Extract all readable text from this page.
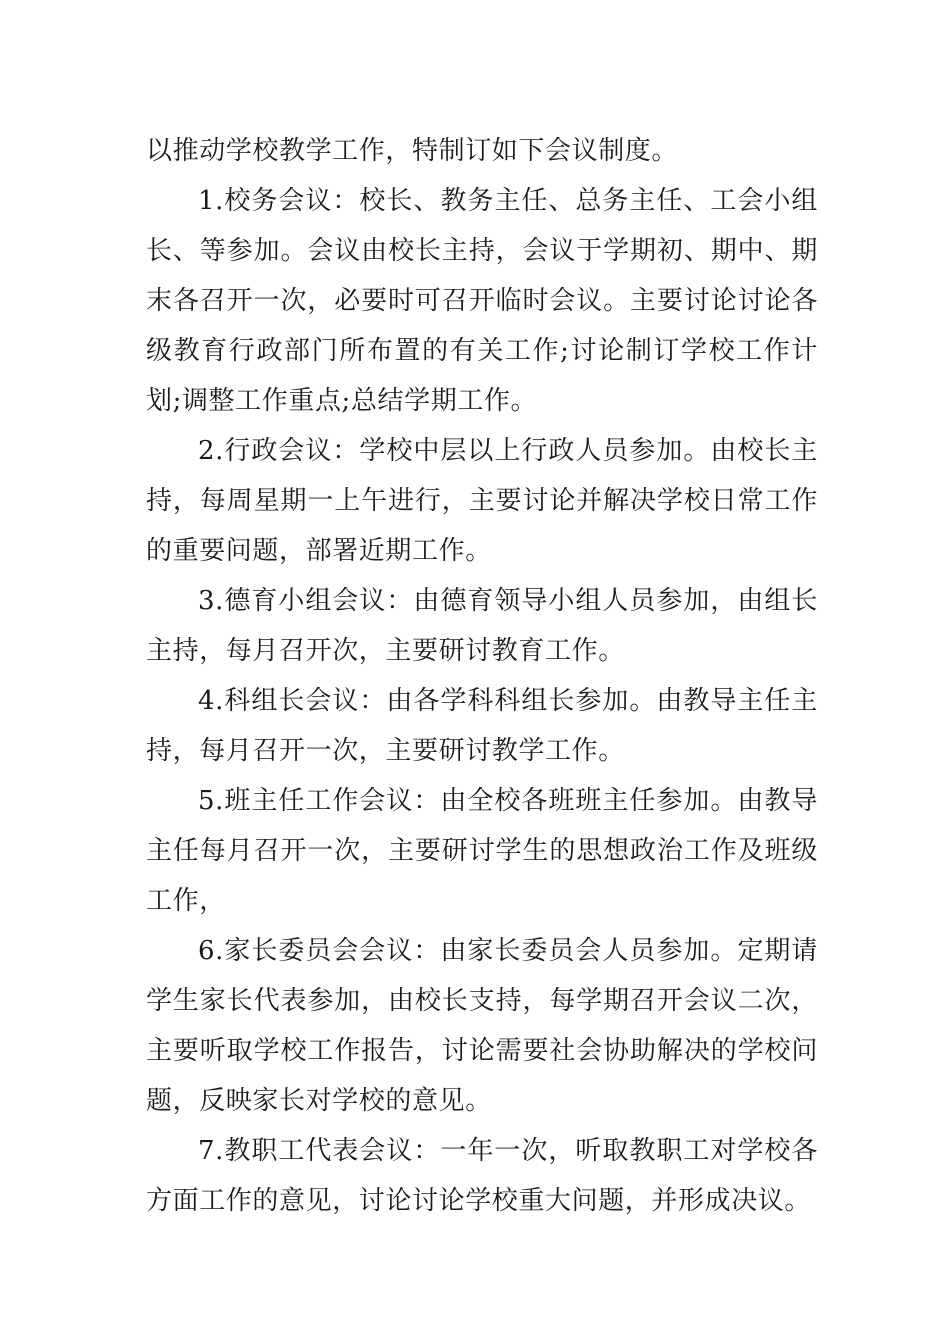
以推动学校教学工作，特制订如下会议制度。

1.校务会议：校长、教务主任、总务主任、工会小组长、等参加。会议由校长主持，会议于学期初、期中、期末各召开一次，必要时可召开临时会议。主要讨论讨论各级教育行政部门所布置的有关工作;讨论制订学校工作计划;调整工作重点;总结学期工作。

2.行政会议：学校中层以上行政人员参加。由校长主持，每周星期一上午进行，主要讨论并解决学校日常工作的重要问题，部署近期工作。

3.德育小组会议：由德育领导小组人员参加，由组长主持，每月召开次，主要研讨教育工作。

4.科组长会议：由各学科科组长参加。由教导主任主持，每月召开一次，主要研讨教学工作。

5.班主任工作会议：由全校各班班主任参加。由教导主任每月召开一次，主要研讨学生的思想政治工作及班级工作，

6.家长委员会会议：由家长委员会人员参加。定期请学生家长代表参加，由校长支持，每学期召开会议二次，主要听取学校工作报告，讨论需要社会协助解决的学校问题，反映家长对学校的意见。

7.教职工代表会议：一年一次，听取教职工对学校各方面工作的意见，讨论讨论学校重大问题，并形成决议。
